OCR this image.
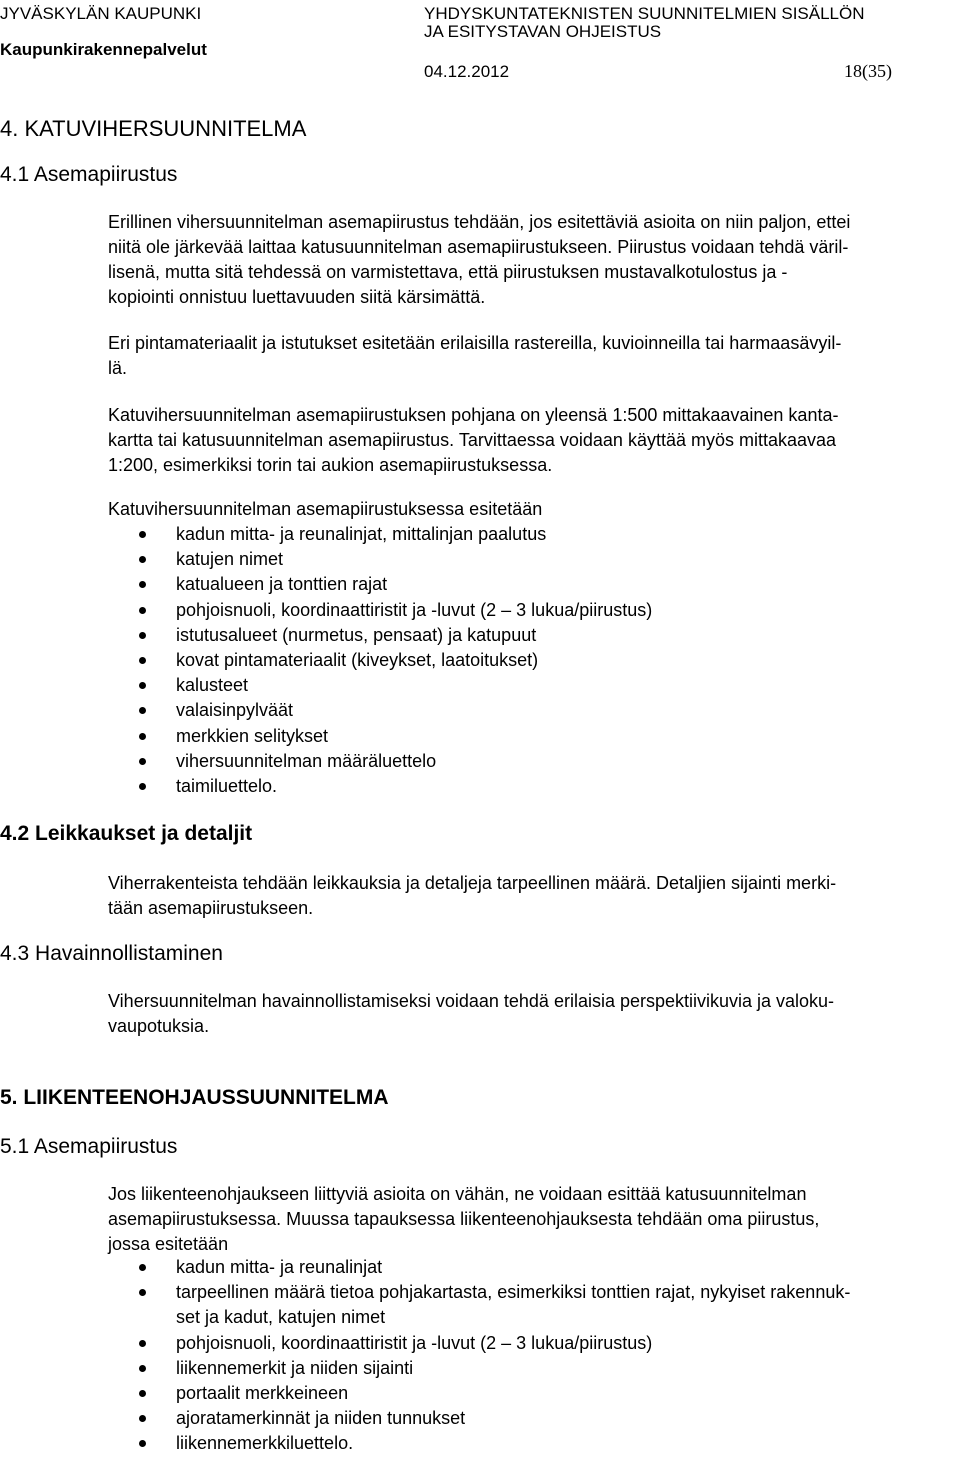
JYVÄSKYLÄN KAUPUNKI
Kaupunkirakennepalvelut
YHDYSKUNTATEKNISTEN SUUNNITELMIEN SISÄLLÖN
JA ESITYSTAVAN OHJEISTUS
04.12.2012	18(35)
4. KATUVIHERSUUNNITELMA
4.1 Asemapiirustus

Erillinen vihersuunnitelman asemapiirustus tehdään, jos esitettäviä asioita on niin paljon, ettei
niitä ole järkevää laittaa katusuunnitelman asemapiirustukseen. Piirustus voidaan tehdä väril-
lisenä, mutta sitä tehdessä on varmistettava, että piirustuksen mustavalkotulostus ja -
kopiointi onnistuu luettavuuden siitä kärsimättä.

Eri pintamateriaalit ja istutukset esitetään erilaisilla rastereilla, kuvioinneilla tai harmaasävyil-
lä.

Katuvihersuunnitelman asemapiirustuksen pohjana on yleensä 1:500 mittakaavainen kanta-
kartta tai katusuunnitelman asemapiirustus. Tarvittaessa voidaan käyttää myös mittakaavaa
1:200, esimerkiksi torin tai aukion asemapiirustuksessa.

Katuvihersuunnitelman asemapiirustuksessa esitetään

kadun mitta- ja reunalinjat, mittalinjan paalutus
katujen nimet
katualueen ja tonttien rajat
pohjoisnuoli, koordinaattiristit ja -luvut (2 – 3 lukua/piirustus)
istutusalueet (nurmetus, pensaat) ja katupuut
kovat pintamateriaalit (kiveykset, laatoitukset)
kalusteet
valaisinpylväät
merkkien selitykset
vihersuunnitelman määräluettelo
taimiluettelo.
4.2 Leikkaukset ja detaljit

Viherrakenteista tehdään leikkauksia ja detaljeja tarpeellinen määrä. Detaljien sijainti merki-
tään asemapiirustukseen.

4.3 Havainnollistaminen

Vihersuunnitelman havainnollistamiseksi voidaan tehdä erilaisia perspektiivikuvia ja valoku-
vaupotuksia.

5. LIIKENTEENOHJAUSSUUNNITELMA
5.1 Asemapiirustus

Jos liikenteenohjaukseen liittyviä asioita on vähän, ne voidaan esittää katusuunnitelman
asemapiirustuksessa. Muussa tapauksessa liikenteenohjauksesta tehdään oma piirustus,
jossa esitetään

kadun mitta- ja reunalinjat
tarpeellinen määrä tietoa pohjakartasta, esimerkiksi tonttien rajat, nykyiset rakennuk-
set ja kadut, katujen nimet
pohjoisnuoli, koordinaattiristit ja -luvut (2 – 3 lukua/piirustus)
liikennemerkit ja niiden sijainti
portaalit merkkeineen
ajoratamerkinnät ja niiden tunnukset
liikennemerkkiluettelo.
